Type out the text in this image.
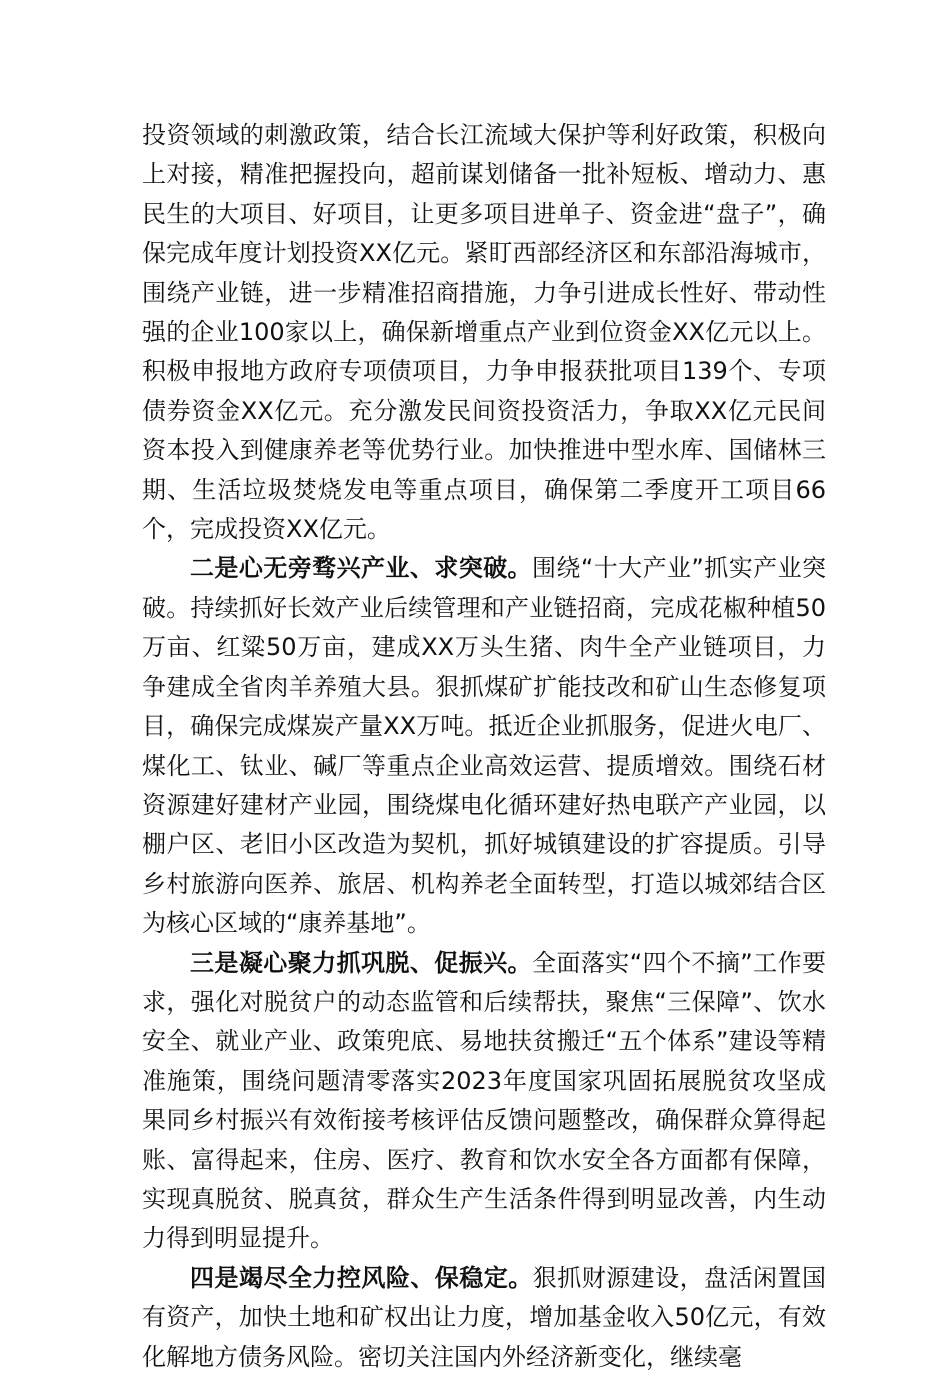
投资领域的刺激政策，结合长江流域大保护等利好政策，积极向上对接，精准把握投向，超前谋划储备一批补短板、增动力、惠民生的大项目、好项目，让更多项目进单子、资金进“盘子”，确保完成年度计划投资XX亿元。紧盯西部经济区和东部沿海城市，围绕产业链，进一步精准招商措施，力争引进成长性好、带动性强的企业100家以上，确保新增重点产业到位资金XX亿元以上。积极申报地方政府专项债项目，力争申报获批项目139个、专项债券资金XX亿元。充分激发民间资投资活力，争取XX亿元民间资本投入到健康养老等优势行业。加快推进中型水库、国储林三期、生活垃圾焚烧发电等重点项目，确保第二季度开工项目66个，完成投资XX亿元。

二是心无旁骛兴产业、求突破。围绕“十大产业”抓实产业突破。持续抓好长效产业后续管理和产业链招商，完成花椒种植50万亩、红粱50万亩，建成XX万头生猪、肉牛全产业链项目，力争建成全省肉羊养殖大县。狠抓煤矿扩能技改和矿山生态修复项目，确保完成煤炭产量XX万吨。抵近企业抓服务，促进火电厂、煤化工、钛业、碱厂等重点企业高效运营、提质增效。围绕石材资源建好建材产业园，围绕煤电化循环建好热电联产产业园，以棚户区、老旧小区改造为契机，抓好城镇建设的扩容提质。引导乡村旅游向医养、旅居、机构养老全面转型，打造以城郊结合区为核心区域的“康养基地”。

三是凝心聚力抓巩脱、促振兴。全面落实“四个不摘”工作要求，强化对脱贫户的动态监管和后续帮扶，聚焦“三保障”、饮水安全、就业产业、政策兜底、易地扶贫搬迁“五个体系”建设等精准施策，围绕问题清零落实2023年度国家巩固拓展脱贫攻坚成果同乡村振兴有效衔接考核评估反馈问题整改，确保群众算得起账、富得起来，住房、医疗、教育和饮水安全各方面都有保障，实现真脱贫、脱真贫，群众生产生活条件得到明显改善，内生动力得到明显提升。

四是竭尽全力控风险、保稳定。狠抓财源建设，盘活闲置国有资产，加快土地和矿权出让力度，增加基金收入50亿元，有效化解地方债务风险。密切关注国内外经济新变化，继续毫
